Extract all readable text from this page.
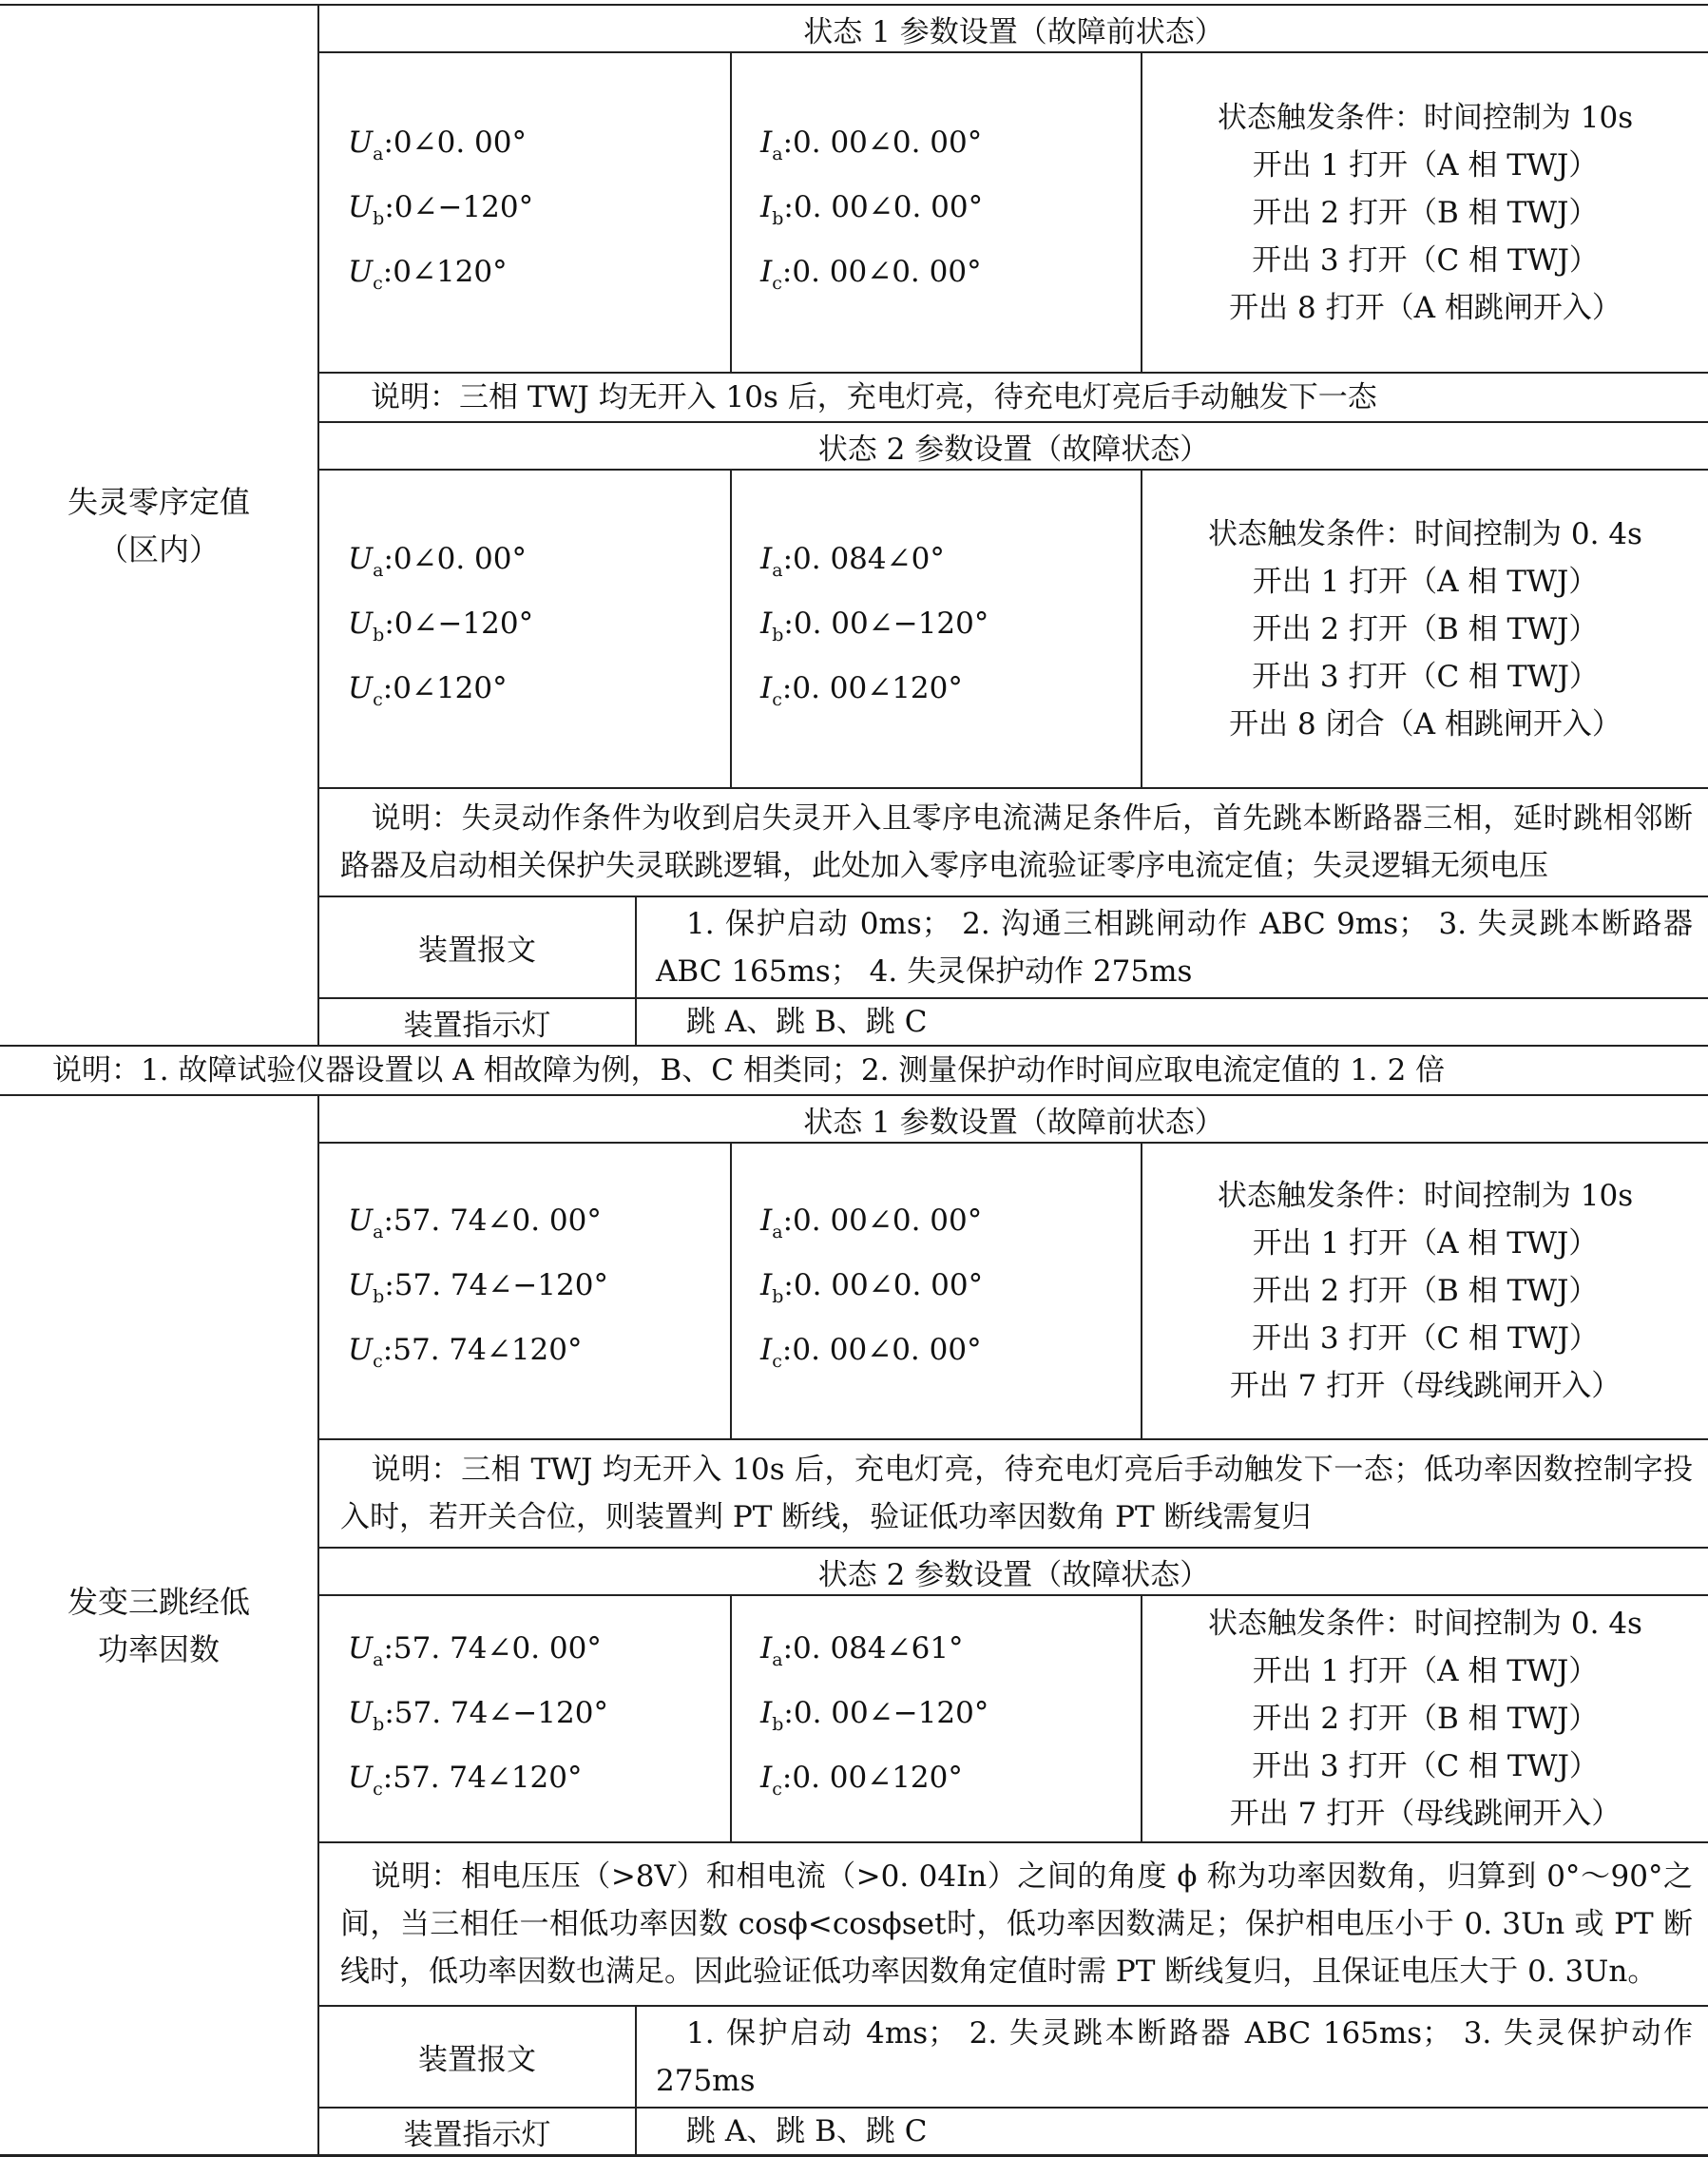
失灵零序定值
（区内）
状态 1 参数设置（故障前状态）
$U_a:0\angle 0$. 00°
$U_b:0\angle-120^\circ$
$U_c:0\angle 120^\circ$
$I_a:0$. 00∠0. 00°
$I_b:0$. 00∠0. 00°
$I_c:0$. 00∠0. 00°
状态触发条件：时间控制为 10s
开出 1 打开（A 相 TWJ）
开出 2 打开（B 相 TWJ）
开出 3 打开（C 相 TWJ）
开出 8 打开（A 相跳闸开入）
说明：三相 TWJ 均无开入 10s 后，充电灯亮，待充电灯亮后手动触发下一态
状态 2 参数设置（故障状态）
$U_a:0\angle 0$. 00°
$U_b:0\angle-120^\circ$
$U_c:0\angle 120^\circ$
$I_a:0$. 084∠0°
$I_b:0$. 00∠−120°
$I_c:0$. 00∠120°
状态触发条件：时间控制为 0. 4s
开出 1 打开（A 相 TWJ）
开出 2 打开（B 相 TWJ）
开出 3 打开（C 相 TWJ）
开出 8 闭合（A 相跳闸开入）
说明：失灵动作条件为收到启失灵开入且零序电流满足条件后，首先跳本断路器三相，延时跳相邻断路器及启动相关保护失灵联跳逻辑，此处加入零序电流验证零序电流定值；失灵逻辑无须电压
装置报文
1. 保护启动 0ms； 2. 沟通三相跳闸动作 ABC 9ms； 3. 失灵跳本断路器 ABC 165ms； 4. 失灵保护动作 275ms
装置指示灯	跳 A、跳 B、跳 C
说明：1. 故障试验仪器设置以 A 相故障为例，B、C 相类同；2. 测量保护动作时间应取电流定值的 1. 2 倍
发变三跳经低
功率因数
状态 1 参数设置（故障前状态）
$U_a:57$. 74∠0. 00°
$U_b:57$. 74∠−120°
$U_c:57$. 74∠120°
$I_a:0$. 00∠0. 00°
$I_b:0$. 00∠0. 00°
$I_c:0$. 00∠0. 00°
状态触发条件：时间控制为 10s
开出 1 打开（A 相 TWJ）
开出 2 打开（B 相 TWJ）
开出 3 打开（C 相 TWJ）
开出 7 打开（母线跳闸开入）
说明：三相 TWJ 均无开入 10s 后，充电灯亮，待充电灯亮后手动触发下一态；低功率因数控制字投入时，若开关合位，则装置判 PT 断线，验证低功率因数角 PT 断线需复归
状态 2 参数设置（故障状态）
$U_a:57$. 74∠0. 00°
$U_b:57$. 74∠−120°
$U_c:57$. 74∠120°
$I_a:0$. 084∠61°
$I_b:0$. 00∠−120°
$I_c:0$. 00∠120°
状态触发条件：时间控制为 0. 4s
开出 1 打开（A 相 TWJ）
开出 2 打开（B 相 TWJ）
开出 3 打开（C 相 TWJ）
开出 7 打开（母线跳闸开入）
说明：相电压压（>8V）和相电流（>0. 04In）之间的角度 ϕ 称为功率因数角，归算到 0°～90°之间，当三相任一相低功率因数 cosϕ<cosϕset时，低功率因数满足；保护相电压小于 0. 3Un 或 PT 断线时，低功率因数也满足。因此验证低功率因数角定值时需 PT 断线复归，且保证电压大于 0. 3Un。
装置报文
1. 保护启动 4ms； 2. 失灵跳本断路器 ABC 165ms； 3. 失灵保护动作 275ms
装置指示灯	跳 A、跳 B、跳 C
